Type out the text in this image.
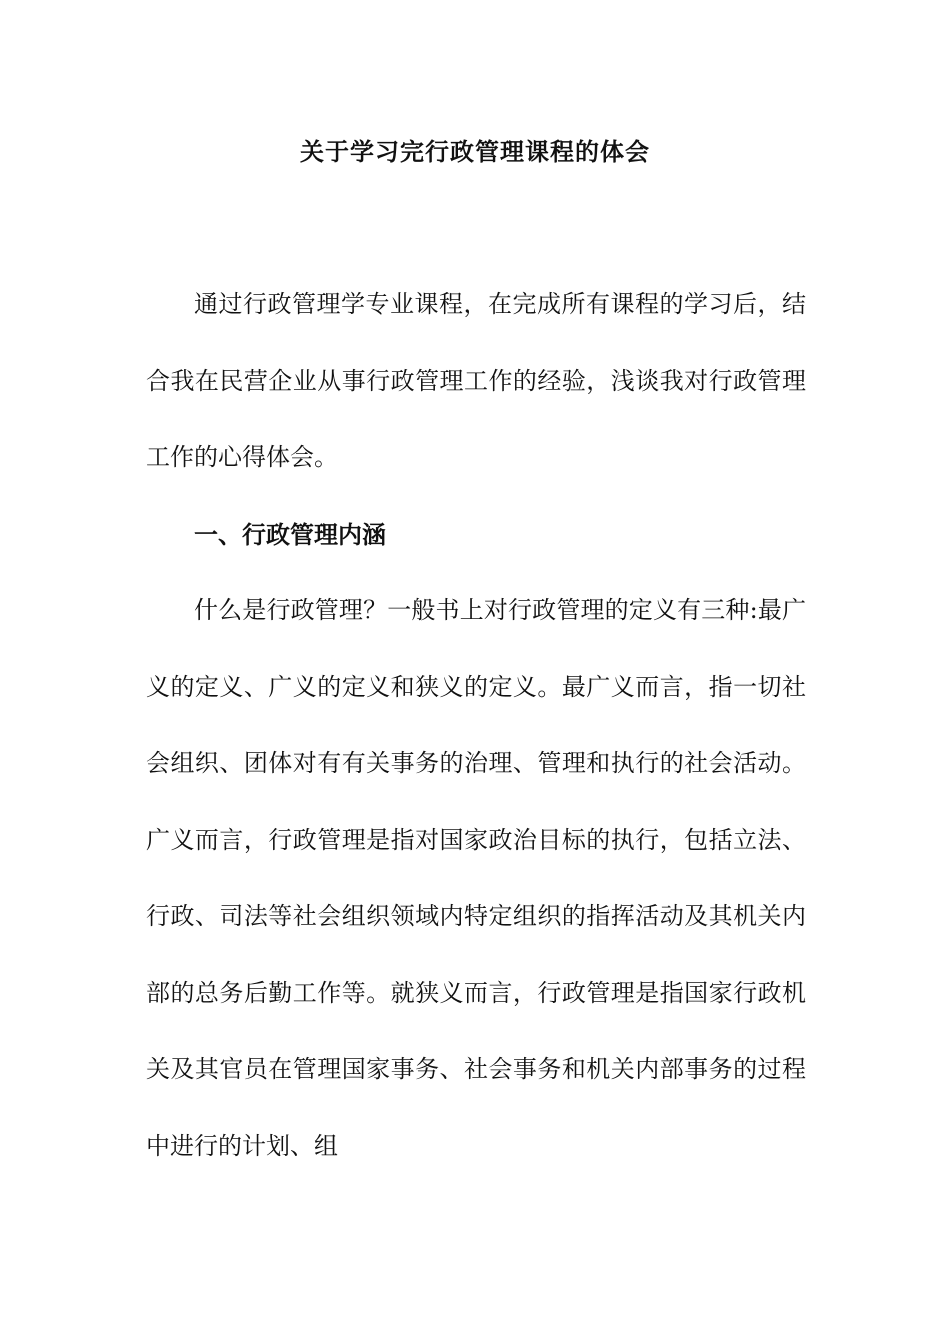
关于学习完行政管理课程的体会

通过行政管理学专业课程，在完成所有课程的学习后，结合我在民营企业从事行政管理工作的经验，浅谈我对行政管理工作的心得体会。

一、行政管理内涵

什么是行政管理？一般书上对行政管理的定义有三种:最广义的定义、广义的定义和狭义的定义。最广义而言，指一切社会组织、团体对有有关事务的治理、管理和执行的社会活动。广义而言，行政管理是指对国家政治目标的执行，包括立法、行政、司法等社会组织领域内特定组织的指挥活动及其机关内部的总务后勤工作等。就狭义而言，行政管理是指国家行政机关及其官员在管理国家事务、社会事务和机关内部事务的过程中进行的计划、组
